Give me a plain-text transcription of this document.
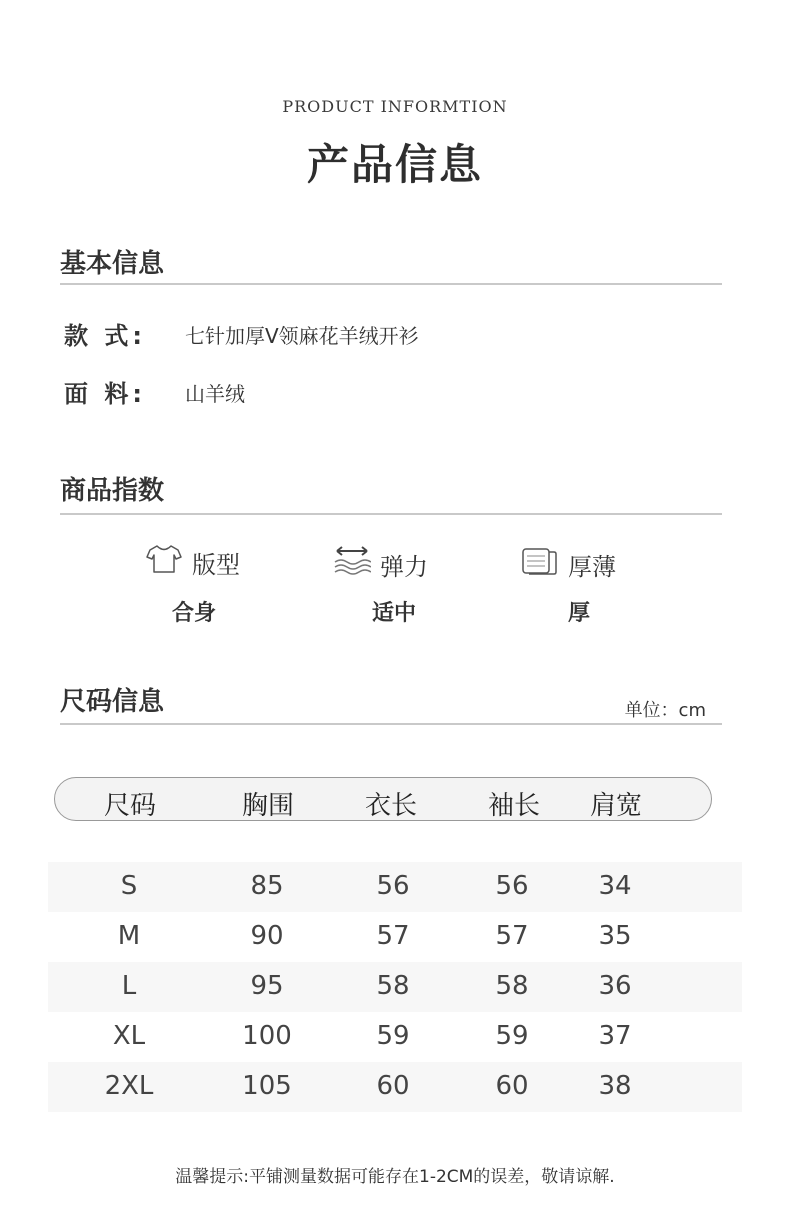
PRODUCT INFORMTION
产品信息
基本信息
款 式: 七针加厚V领麻花羊绒开衫
面 料: 山羊绒
商品指数
版型
合身
弹力
适中
厚薄
厚
尺码信息	单位：cm
尺码	胸围	衣长	袖长	肩宽
S	85	56	56	34
M	90	57	57	35
L	95	58	58	36
XL	100	59	59	37
2XL	105	60	60	38
温馨提示:平铺测量数据可能存在1-2CM的误差，敬请谅解.
